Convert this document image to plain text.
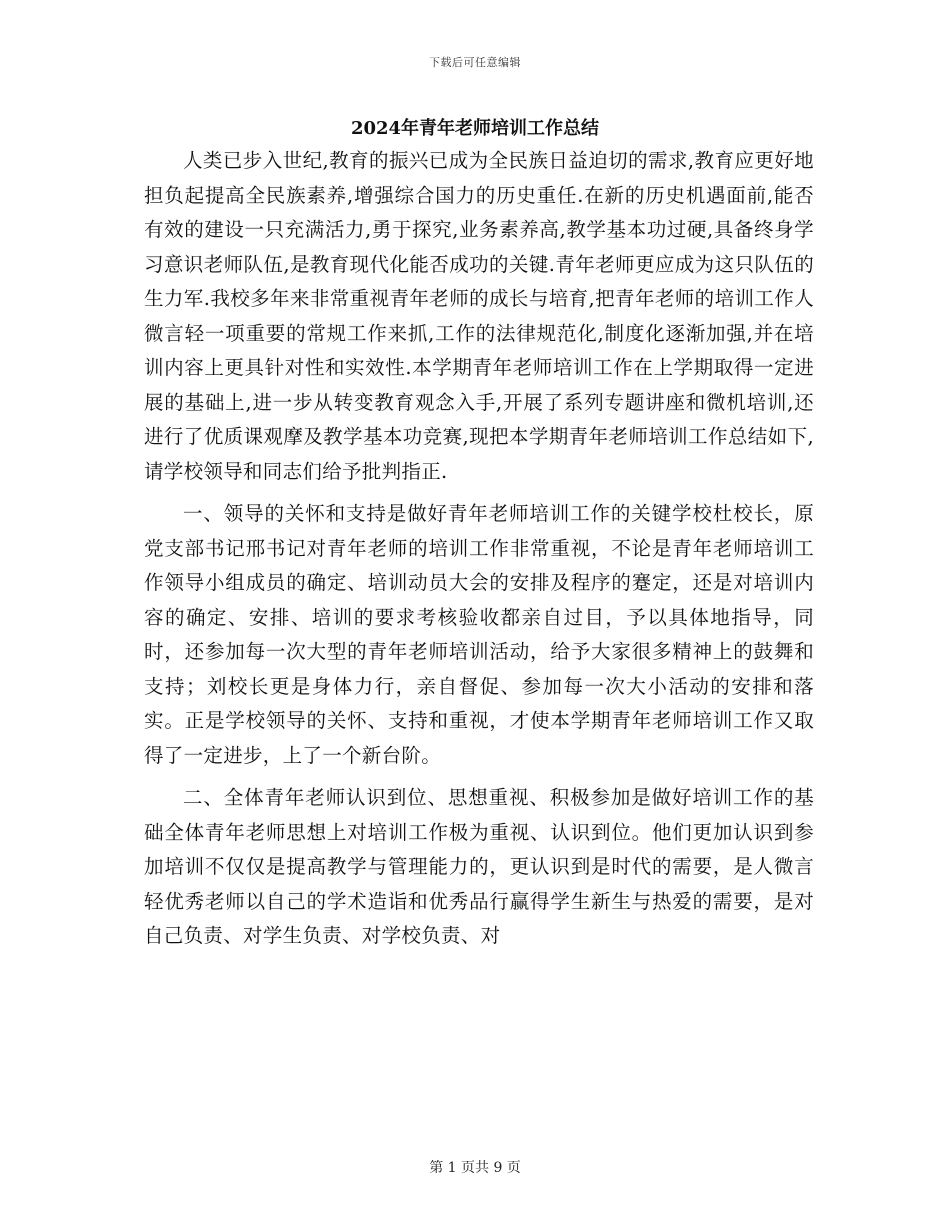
下载后可任意编辑
2024年青年老师培训工作总结

人类已步入世纪,教育的振兴已成为全民族日益迫切的需求,教育应更好地担负起提高全民族素养,增强综合国力的历史重任.在新的历史机遇面前,能否有效的建设一只充满活力,勇于探究,业务素养高,教学基本功过硬,具备终身学习意识老师队伍,是教育现代化能否成功的关键.青年老师更应成为这只队伍的生力军.我校多年来非常重视青年老师的成长与培育,把青年老师的培训工作人微言轻一项重要的常规工作来抓,工作的法律规范化,制度化逐渐加强,并在培训内容上更具针对性和实效性.本学期青年老师培训工作在上学期取得一定进展的基础上,进一步从转变教育观念入手,开展了系列专题讲座和微机培训,还进行了优质课观摩及教学基本功竞赛,现把本学期青年老师培训工作总结如下,请学校领导和同志们给予批判指正.

一、领导的关怀和支持是做好青年老师培训工作的关键学校杜校长，原党支部书记邢书记对青年老师的培训工作非常重视，不论是青年老师培训工作领导小组成员的确定、培训动员大会的安排及程序的蹇定，还是对培训内容的确定、安排、培训的要求考核验收都亲自过目，予以具体地指导，同时，还参加每一次大型的青年老师培训活动，给予大家很多精神上的鼓舞和支持；刘校长更是身体力行，亲自督促、参加每一次大小活动的安排和落实。正是学校领导的关怀、支持和重视，才使本学期青年老师培训工作又取得了一定进步，上了一个新台阶。

二、全体青年老师认识到位、思想重视、积极参加是做好培训工作的基础全体青年老师思想上对培训工作极为重视、认识到位。他们更加认识到参加培训不仅仅是提高教学与管理能力的，更认识到是时代的需要，是人微言轻优秀老师以自己的学术造诣和优秀品行赢得学生新生与热爱的需要，是对自己负责、对学生负责、对学校负责、对

第 1 页共 9 页
